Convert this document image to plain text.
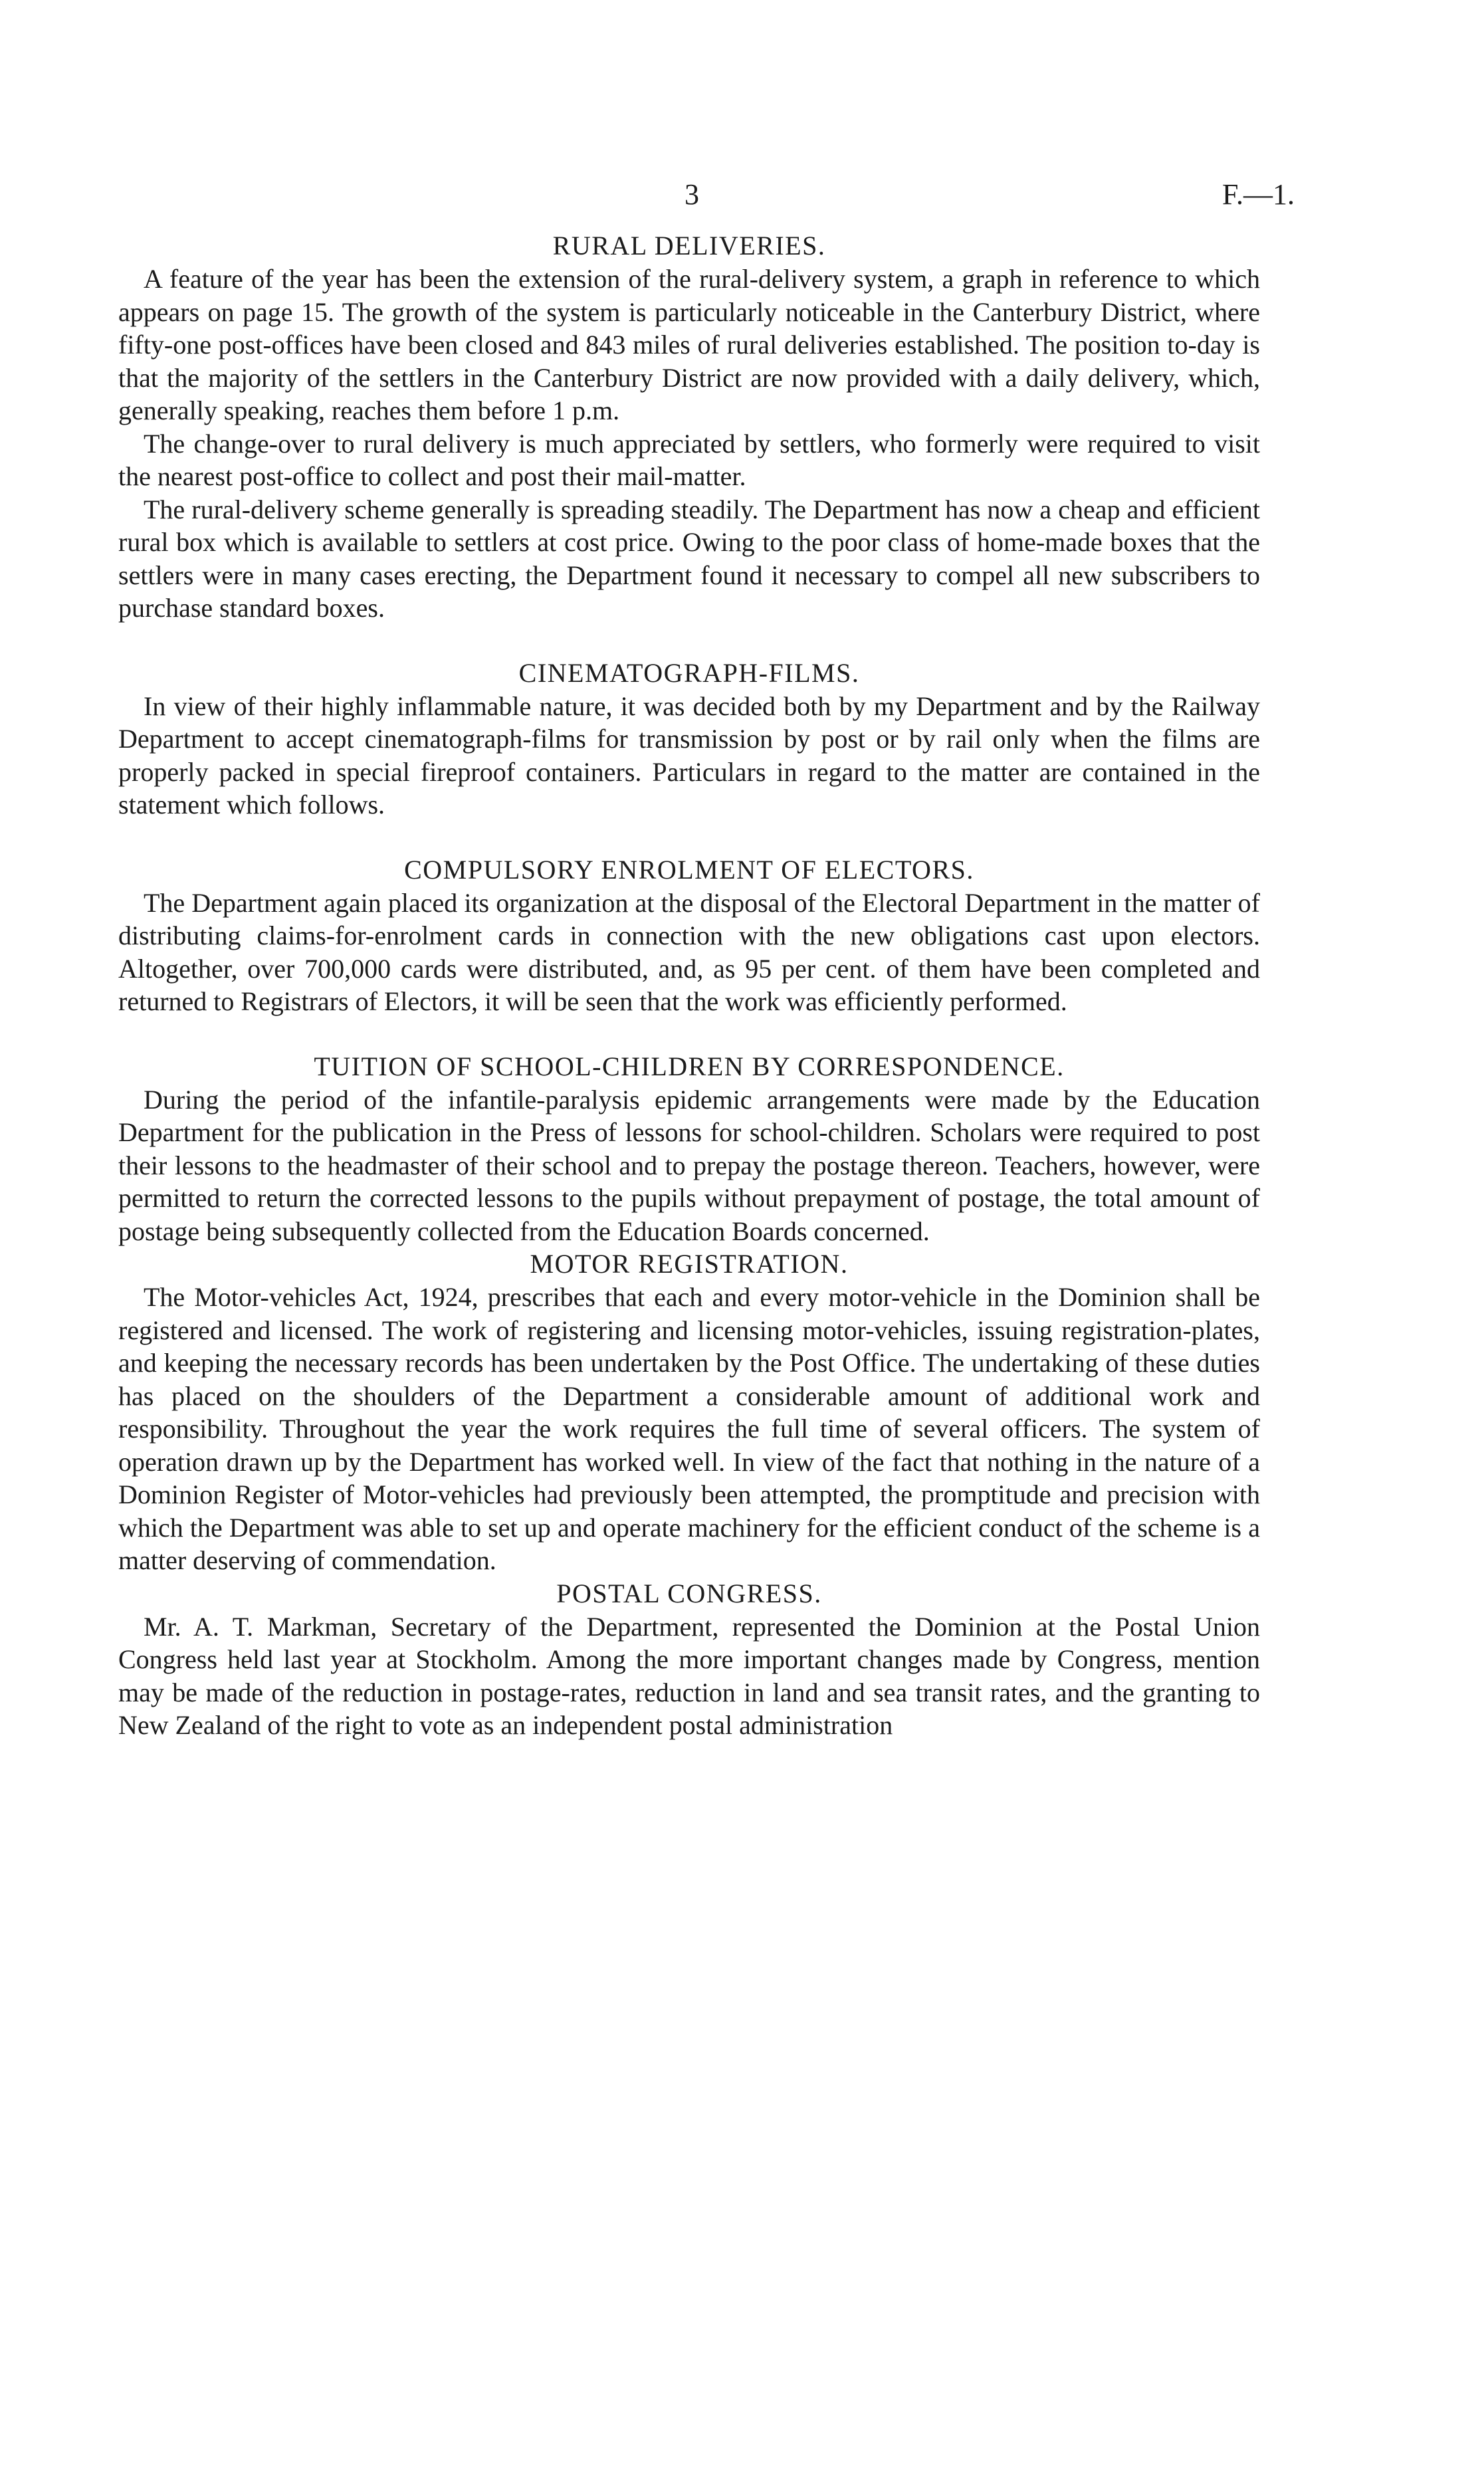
3	F.—1.
RURAL DELIVERIES.

A feature of the year has been the extension of the rural-delivery system, a graph in reference to which appears on page 15. The growth of the system is particularly noticeable in the Canterbury District, where fifty-one post-offices have been closed and 843 miles of rural deliveries established. The position to-day is that the majority of the settlers in the Canterbury District are now provided with a daily delivery, which, generally speaking, reaches them before 1 p.m.

The change-over to rural delivery is much appreciated by settlers, who formerly were required to visit the nearest post-office to collect and post their mail-matter.

The rural-delivery scheme generally is spreading steadily. The Department has now a cheap and efficient rural box which is available to settlers at cost price. Owing to the poor class of home-made boxes that the settlers were in many cases erecting, the Department found it necessary to compel all new subscribers to purchase standard boxes.

CINEMATOGRAPH-FILMS.

In view of their highly inflammable nature, it was decided both by my Department and by the Railway Department to accept cinematograph-films for transmission by post or by rail only when the films are properly packed in special fireproof containers. Particulars in regard to the matter are contained in the statement which follows.

COMPULSORY ENROLMENT OF ELECTORS.

The Department again placed its organization at the disposal of the Electoral Department in the matter of distributing claims-for-enrolment cards in connection with the new obligations cast upon electors. Altogether, over 700,000 cards were distributed, and, as 95 per cent. of them have been completed and returned to Registrars of Electors, it will be seen that the work was efficiently performed.

TUITION OF SCHOOL-CHILDREN BY CORRESPONDENCE.

During the period of the infantile-paralysis epidemic arrangements were made by the Education Department for the publication in the Press of lessons for school-children. Scholars were required to post their lessons to the headmaster of their school and to prepay the postage thereon. Teachers, however, were permitted to return the corrected lessons to the pupils without prepayment of postage, the total amount of postage being subsequently collected from the Education Boards concerned.

MOTOR REGISTRATION.

The Motor-vehicles Act, 1924, prescribes that each and every motor-vehicle in the Dominion shall be registered and licensed. The work of registering and licensing motor-vehicles, issuing registration-plates, and keeping the necessary records has been undertaken by the Post Office. The undertaking of these duties has placed on the shoulders of the Department a considerable amount of additional work and responsibility. Throughout the year the work requires the full time of several officers. The system of operation drawn up by the Department has worked well. In view of the fact that nothing in the nature of a Dominion Register of Motor-vehicles had previously been attempted, the promptitude and precision with which the Department was able to set up and operate machinery for the efficient conduct of the scheme is a matter deserving of commendation.

POSTAL CONGRESS.

Mr. A. T. Markman, Secretary of the Department, represented the Dominion at the Postal Union Congress held last year at Stockholm. Among the more important changes made by Congress, mention may be made of the reduction in postage-rates, reduction in land and sea transit rates, and the granting to New Zealand of the right to vote as an independent postal administration
